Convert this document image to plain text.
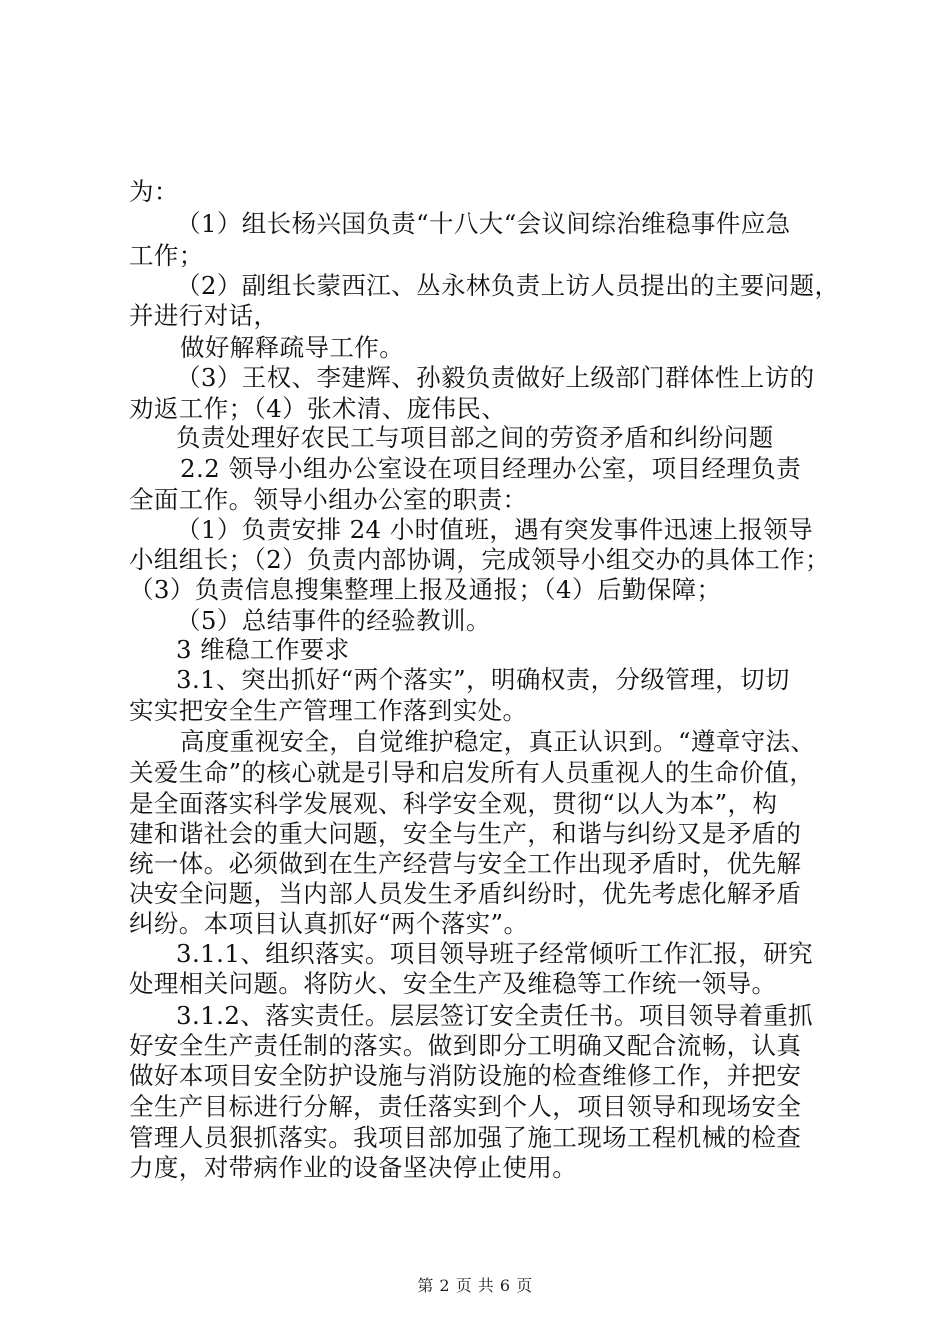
为：
（1）组长杨兴国负责“十八大“会议间综治维稳事件应急
工作；
（2）副组长蒙西江、丛永林负责上访人员提出的主要问题，
并进行对话，
做好解释疏导工作。
（3）王权、李建辉、孙毅负责做好上级部门群体性上访的
劝返工作；（4）张术清、庞伟民、
负责处理好农民工与项目部之间的劳资矛盾和纠纷问题
2.2 领导小组办公室设在项目经理办公室，项目经理负责
全面工作。领导小组办公室的职责：
（1）负责安排 24 小时值班，遇有突发事件迅速上报领导
小组组长；（2）负责内部协调，完成领导小组交办的具体工作；
（3）负责信息搜集整理上报及通报；（4）后勤保障；
（5）总结事件的经验教训。
3 维稳工作要求
3.1、突出抓好“两个落实”，明确权责，分级管理，切切
实实把安全生产管理工作落到实处。
高度重视安全，自觉维护稳定，真正认识到。“遵章守法、
关爱生命”的核心就是引导和启发所有人员重视人的生命价值，
是全面落实科学发展观、科学安全观，贯彻“以人为本”，构
建和谐社会的重大问题，安全与生产，和谐与纠纷又是矛盾的
统一体。必须做到在生产经营与安全工作出现矛盾时，优先解
决安全问题，当内部人员发生矛盾纠纷时，优先考虑化解矛盾
纠纷。本项目认真抓好“两个落实”。
3.1.1、组织落实。项目领导班子经常倾听工作汇报，研究
处理相关问题。将防火、安全生产及维稳等工作统一领导。
3.1.2、落实责任。层层签订安全责任书。项目领导着重抓
好安全生产责任制的落实。做到即分工明确又配合流畅，认真
做好本项目安全防护设施与消防设施的检查维修工作，并把安
全生产目标进行分解，责任落实到个人，项目领导和现场安全
管理人员狠抓落实。我项目部加强了施工现场工程机械的检查
力度，对带病作业的设备坚决停止使用。
第 2 页 共 6 页
